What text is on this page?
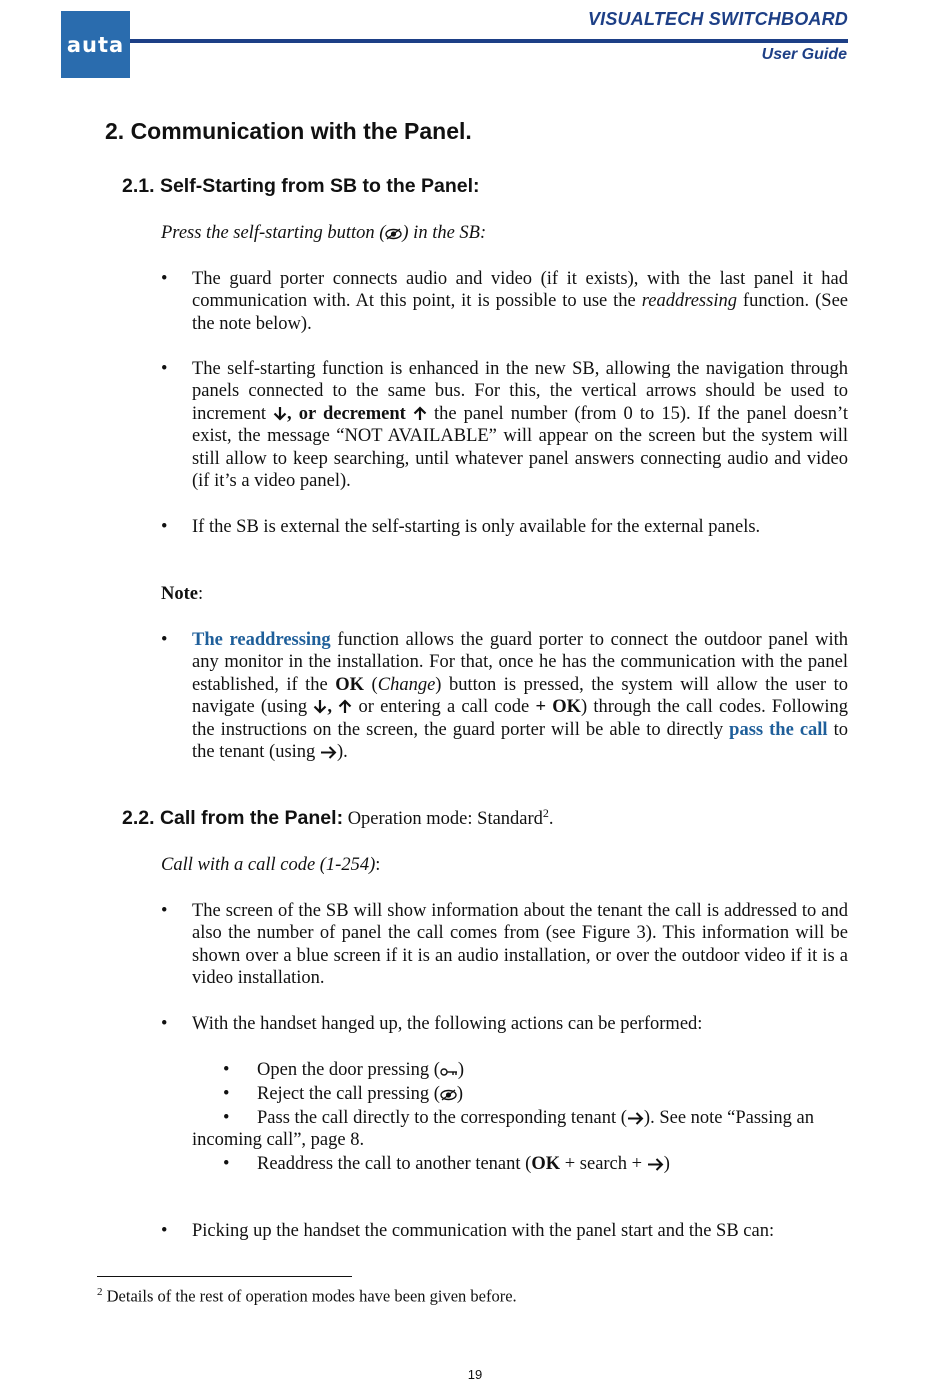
auta
VISUALTECH SWITCHBOARD
User Guide
2. Communication with the Panel.
2.1. Self-Starting from SB to the Panel:
Press the self-starting button ( ) in the SB:
• The guard porter connects audio and video (if it exists), with the last panel it had communication with. At this point, it is possible to use the readdressing function. (See the note below).
• The self-starting function is enhanced in the new SB, allowing the navigation through panels connected to the same bus. For this, the vertical arrows should be used to increment , or decrement  the panel number (from 0 to 15). If the panel doesn’t exist, the message “NOT AVAILABLE” will appear on the screen but the system will still allow to keep searching, until whatever panel answers connecting audio and video (if it’s a video panel).
• If the SB is external the self-starting is only available for the external panels.
Note:
• The readdressing function allows the guard porter to connect the outdoor panel with any monitor in the installation. For that, once he has the communication with the panel established, if the OK (Change) button is pressed, the system will allow the user to navigate (using ,  or entering a call code + OK) through the call codes. Following the instructions on the screen, the guard porter will be able to directly pass the call to the tenant (using ).
2.2. Call from the Panel: Operation mode: Standard$^2$.
Call with a call code (1-254):
• The screen of the SB will show information about the tenant the call is addressed to and also the number of panel the call comes from (see Figure 3). This information will be shown over a blue screen if it is an audio installation, or over the outdoor video if it is a video installation.
• With the handset hanged up, the following actions can be performed:
• Open the door pressing ( )
• Reject the call pressing ( )
• Pass the call directly to the corresponding tenant ( ). See note “Passing an
incoming call”, page 8.
• Readdress the call to another tenant (OK + search + )
• Picking up the handset the communication with the panel start and the SB can:
$^2$ Details of the rest of operation modes have been given before.
19
